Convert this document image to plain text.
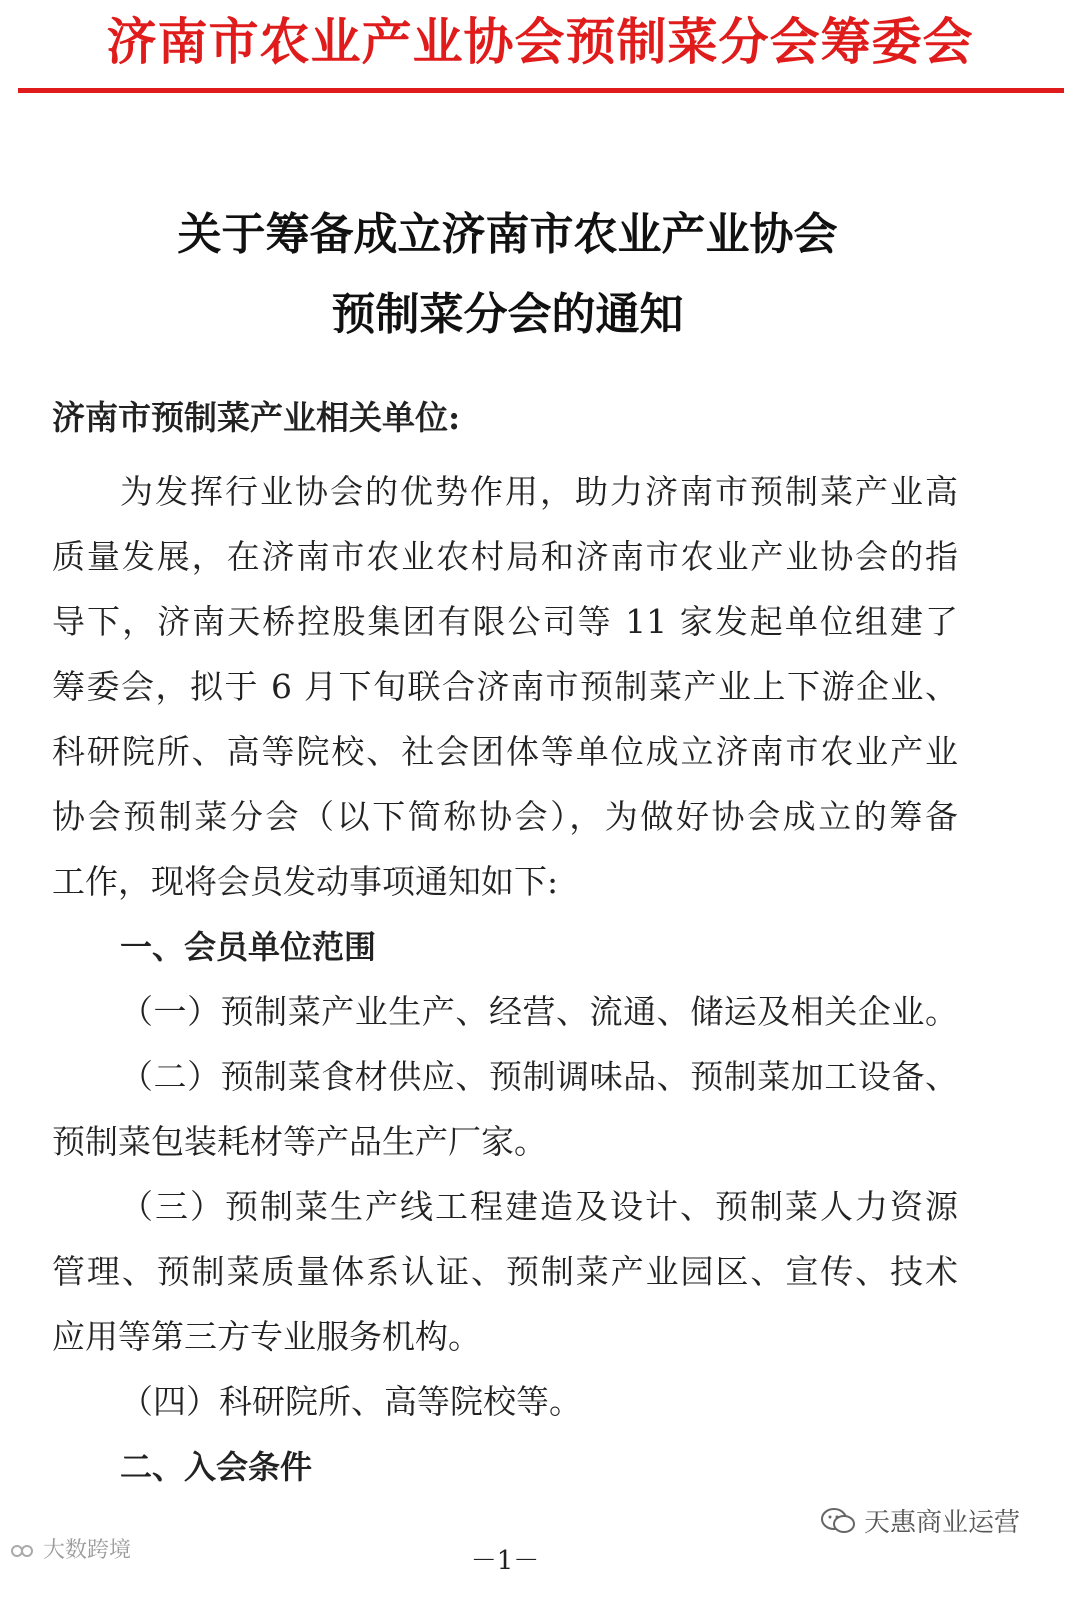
济南市农业产业协会预制菜分会筹委会
关于筹备成立济南市农业产业协会
预制菜分会的通知
济南市预制菜产业相关单位:
为发挥行业协会的优势作用，助力济南市预制菜产业高
质量发展，在济南市农业农村局和济南市农业产业协会的指
导下，济南天桥控股集团有限公司等 11 家发起单位组建了
筹委会，拟于 6 月下旬联合济南市预制菜产业上下游企业、
科研院所、高等院校、社会团体等单位成立济南市农业产业
协会预制菜分会（以下简称协会），为做好协会成立的筹备
工作，现将会员发动事项通知如下:
一、会员单位范围
（一）预制菜产业生产、经营、流通、储运及相关企业。
（二）预制菜食材供应、预制调味品、预制菜加工设备、
预制菜包装耗材等产品生产厂家。
（三）预制菜生产线工程建造及设计、预制菜人力资源
管理、预制菜质量体系认证、预制菜产业园区、宣传、技术
应用等第三方专业服务机构。
（四）科研院所、高等院校等。
二、入会条件
大数跨境
天惠商业运营
－1－
